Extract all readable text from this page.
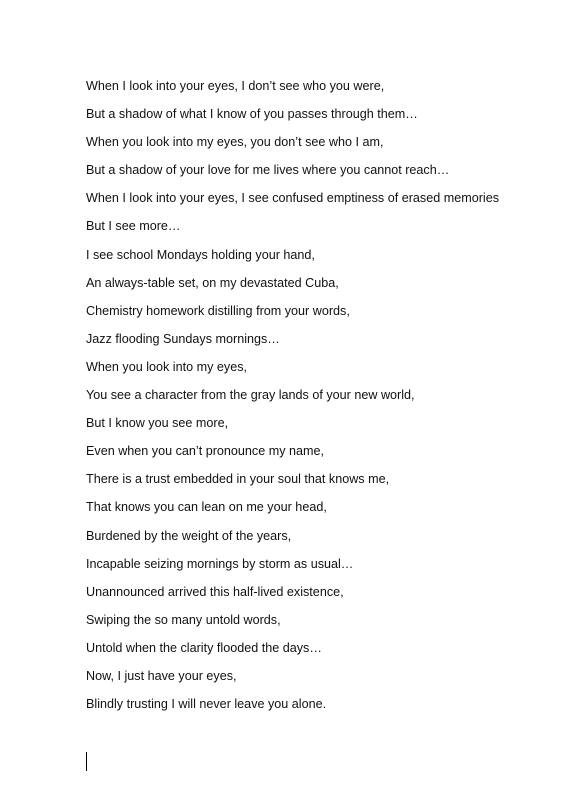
When I look into your eyes, I don’t see who you were,
But a shadow of what I know of you passes through them…
When you look into my eyes, you don’t see who I am,
But a shadow of your love for me lives where you cannot reach…
When I look into your eyes, I see confused emptiness of erased memories
But I see more…
I see school Mondays holding your hand,
An always-table set, on my devastated Cuba,
Chemistry homework distilling from your words,
Jazz flooding Sundays mornings…
When you look into my eyes,
You see a character from the gray lands of your new world,
But I know you see more,
Even when you can’t pronounce my name,
There is a trust embedded in your soul that knows me,
That knows you can lean on me your head,
Burdened by the weight of the years,
Incapable seizing mornings by storm as usual…
Unannounced arrived this half-lived existence,
Swiping the so many untold words,
Untold when the clarity flooded the days…
Now, I just have your eyes,
Blindly trusting I will never leave you alone.
